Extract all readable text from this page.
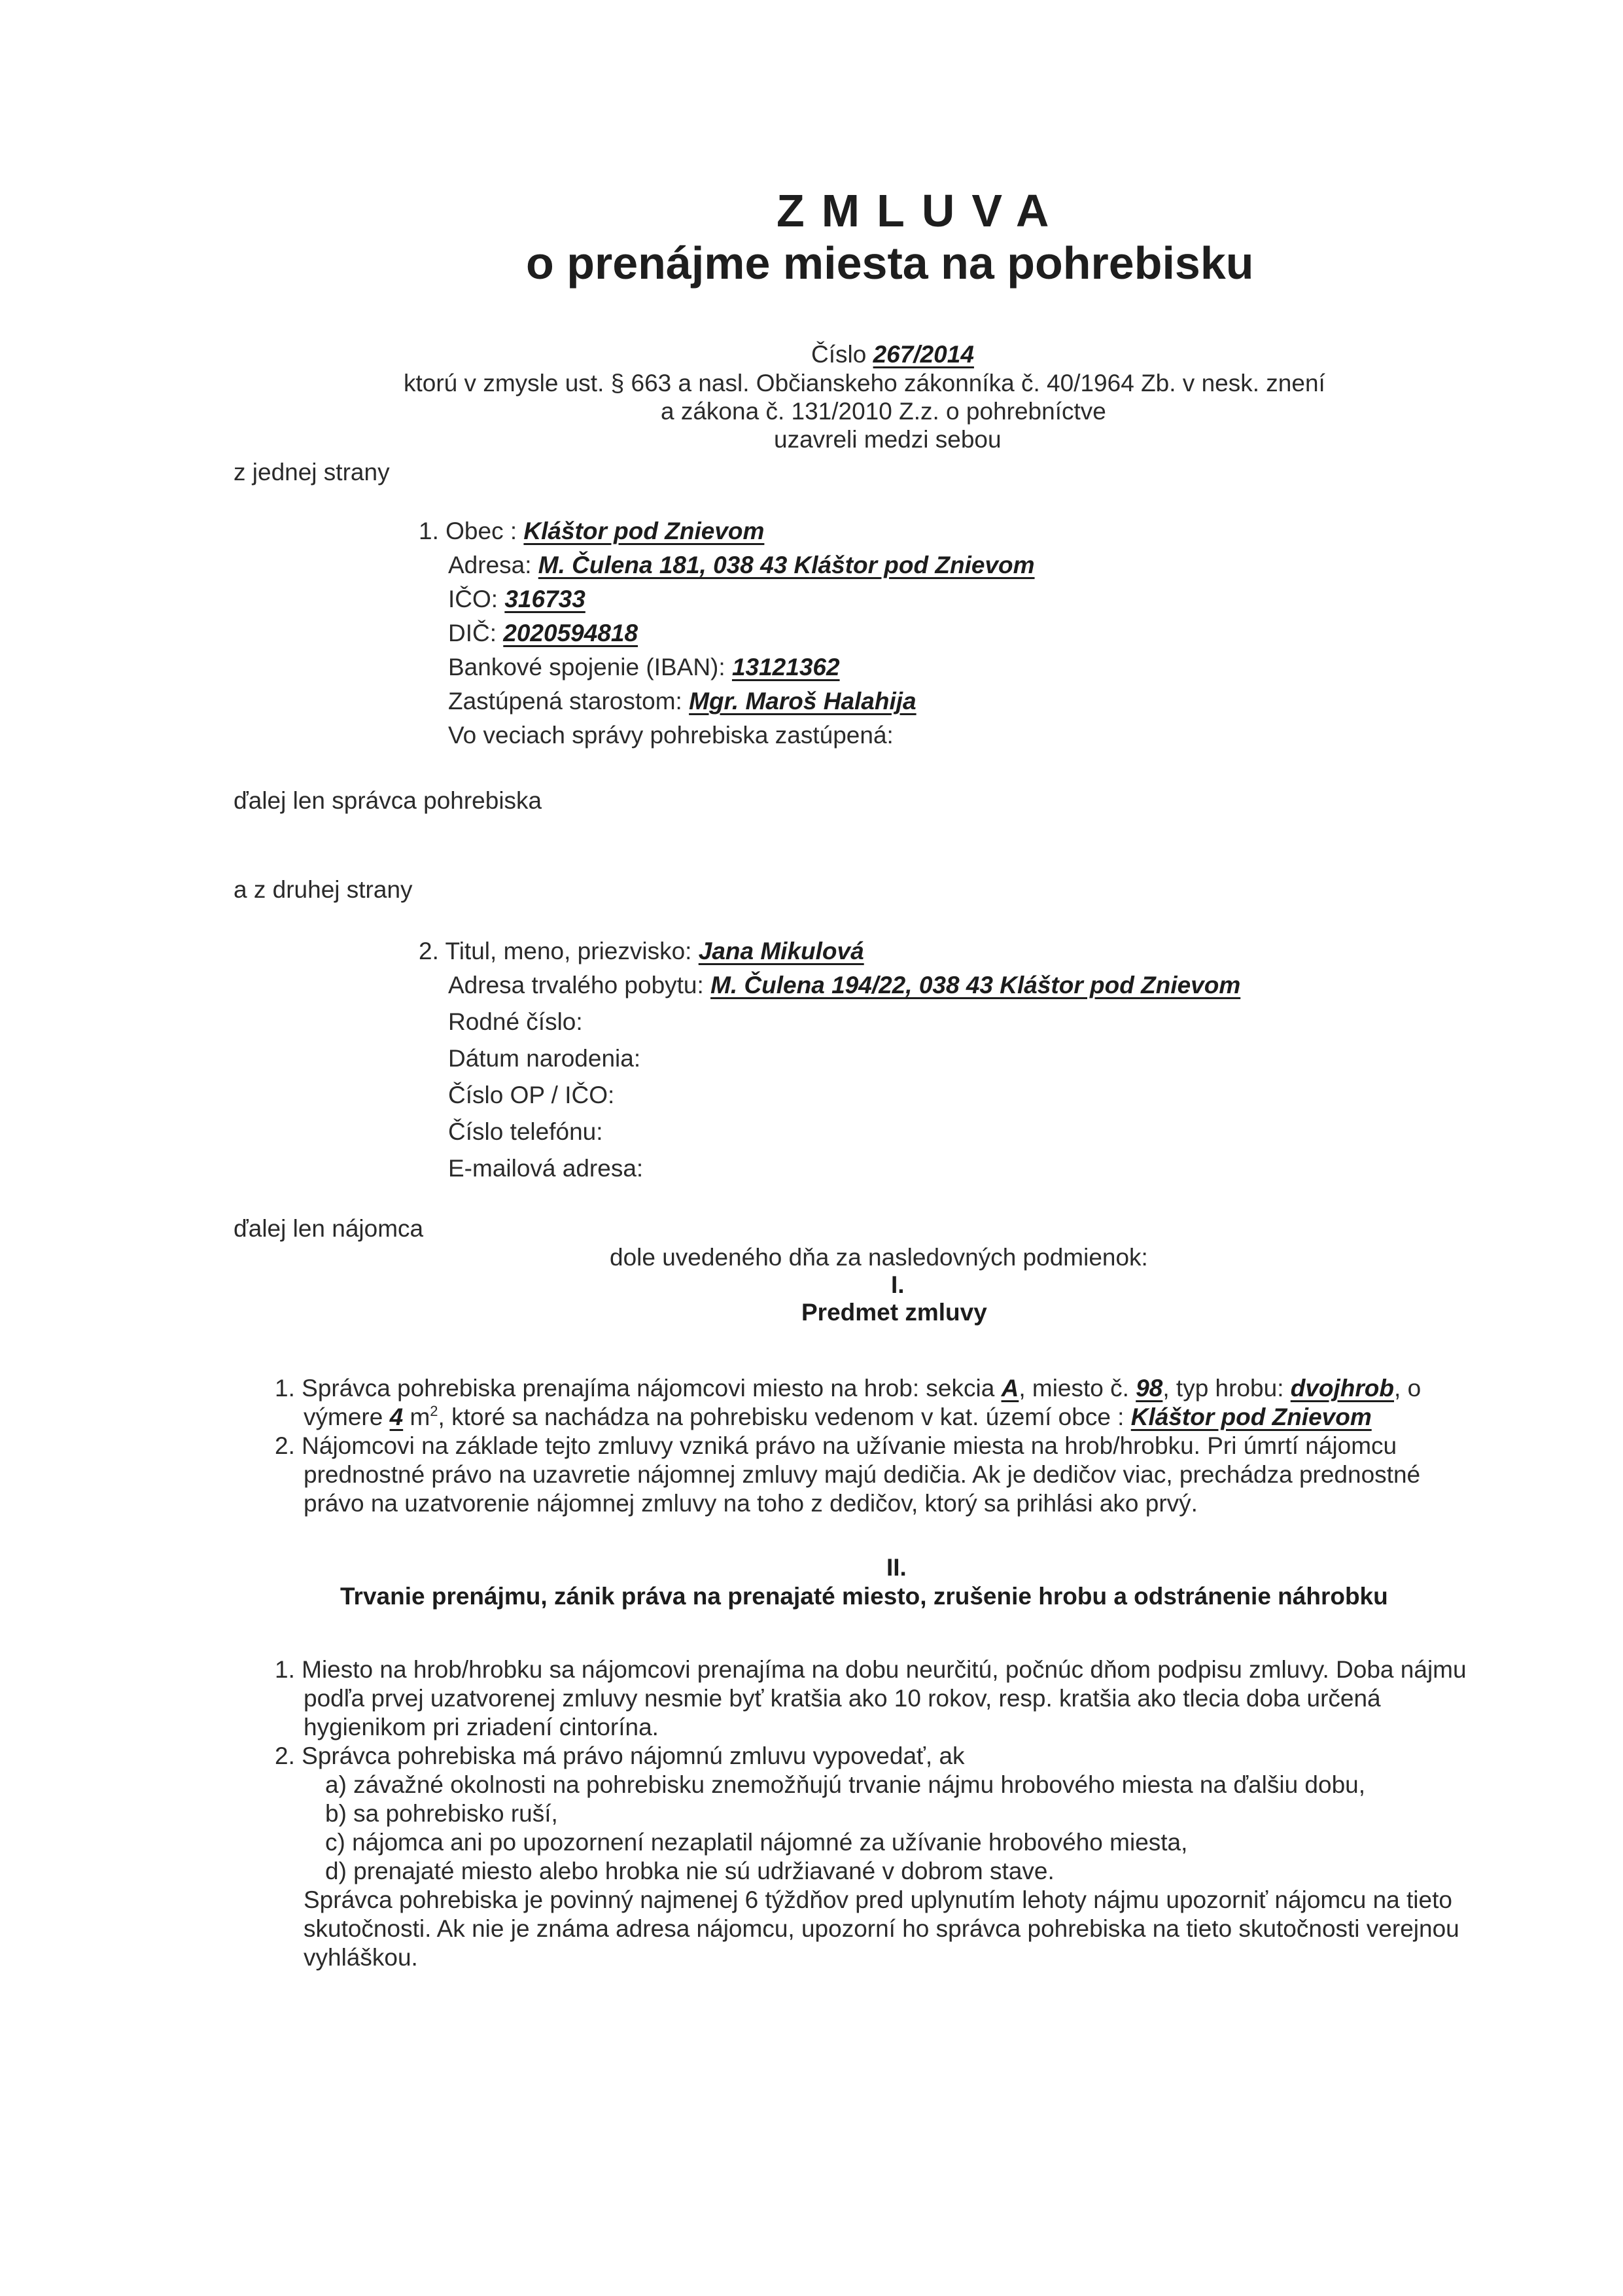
ZMLUVA
o prenájme miesta na pohrebisku
Číslo 267/2014
ktorú v zmysle ust. § 663 a nasl. Občianskeho zákonníka č. 40/1964 Zb. v nesk. znení
a zákona č. 131/2010 Z.z. o pohrebníctve
uzavreli medzi sebou
z jednej strany
1. Obec : Kláštor pod Znievom
Adresa: M. Čulena 181, 038 43 Kláštor pod Znievom
IČO: 316733
DIČ: 2020594818
Bankové spojenie (IBAN): 13121362
Zastúpená starostom: Mgr. Maroš Halahija
Vo veciach správy pohrebiska zastúpená:
ďalej len správca pohrebiska
a z druhej strany
2. Titul, meno, priezvisko: Jana Mikulová
Adresa trvalého pobytu: M. Čulena 194/22, 038 43 Kláštor pod Znievom
Rodné číslo:
Dátum narodenia:
Číslo OP / IČO:
Číslo telefónu:
E-mailová adresa:
ďalej len nájomca
dole uvedeného dňa za nasledovných podmienok:
I.
Predmet zmluvy
1. Správca pohrebiska prenajíma nájomcovi miesto na hrob: sekcia A, miesto č. 98, typ hrobu: dvojhrob, o
výmere 4 $m^2$, ktoré sa nachádza na pohrebisku vedenom v kat. území obce : Kláštor pod Znievom
2. Nájomcovi na základe tejto zmluvy vzniká právo na užívanie miesta na hrob/hrobku. Pri úmrtí nájomcu
prednostné právo na uzavretie nájomnej zmluvy majú dedičia. Ak je dedičov viac, prechádza prednostné
právo na uzatvorenie nájomnej zmluvy na toho z dedičov, ktorý sa prihlási ako prvý.
II.
Trvanie prenájmu, zánik práva na prenajaté miesto, zrušenie hrobu a odstránenie náhrobku
1. Miesto na hrob/hrobku sa nájomcovi prenajíma na dobu neurčitú, počnúc dňom podpisu zmluvy. Doba nájmu
podľa prvej uzatvorenej zmluvy nesmie byť kratšia ako 10 rokov, resp. kratšia ako tlecia doba určená
hygienikom pri zriadení cintorína.
2. Správca pohrebiska má právo nájomnú zmluvu vypovedať, ak
a) závažné okolnosti na pohrebisku znemožňujú trvanie nájmu hrobového miesta na ďalšiu dobu,
b) sa pohrebisko ruší,
c) nájomca ani po upozornení nezaplatil nájomné za užívanie hrobového miesta,
d) prenajaté miesto alebo hrobka nie sú udržiavané v dobrom stave.
Správca pohrebiska je povinný najmenej 6 týždňov pred uplynutím lehoty nájmu upozorniť nájomcu na tieto
skutočnosti. Ak nie je známa adresa nájomcu, upozorní ho správca pohrebiska na tieto skutočnosti verejnou
vyhláškou.
